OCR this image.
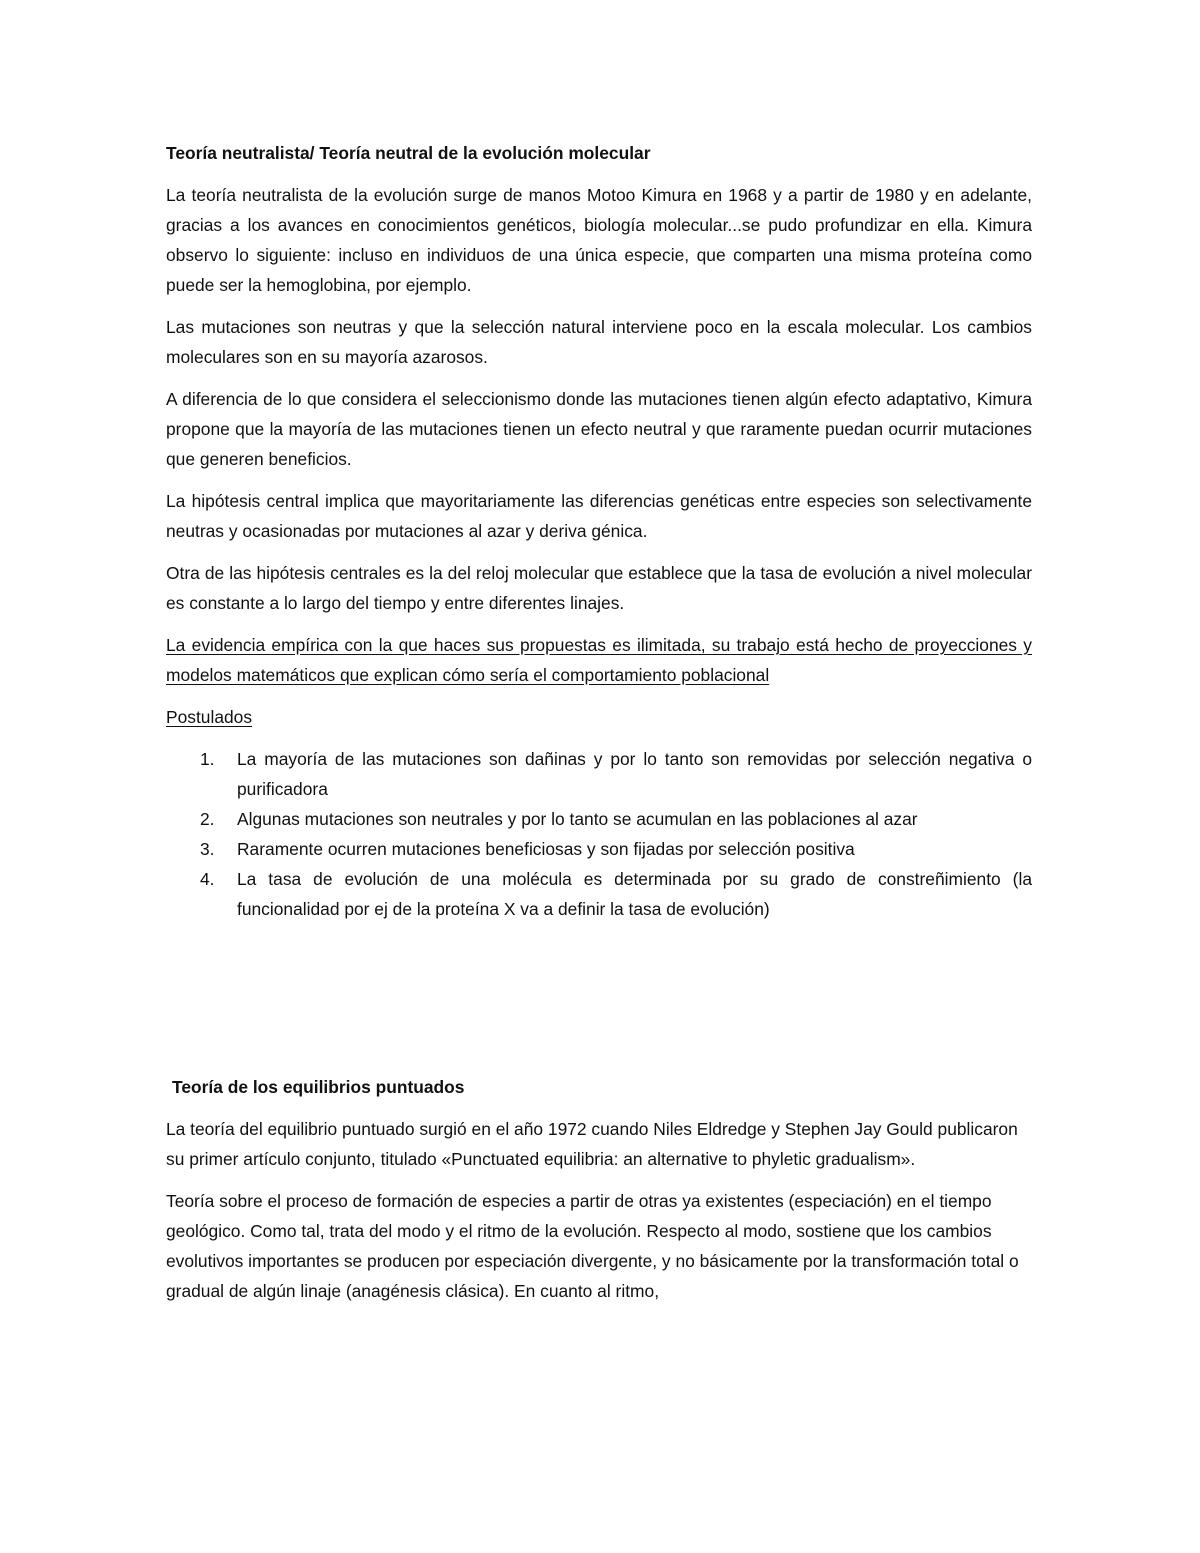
Teoría neutralista/ Teoría neutral de la evolución molecular
La teoría neutralista de la evolución surge de manos Motoo Kimura en 1968 y a partir de 1980 y en adelante, gracias a los avances en conocimientos genéticos, biología molecular...se pudo profundizar en ella. Kimura observo lo siguiente: incluso en individuos de una única especie, que comparten una misma proteína como puede ser la hemoglobina, por ejemplo.
Las mutaciones son neutras y que la selección natural interviene poco en la escala molecular. Los cambios moleculares son en su mayoría azarosos.
A diferencia de lo que considera el seleccionismo donde las mutaciones tienen algún efecto adaptativo, Kimura propone que la mayoría de las mutaciones tienen un efecto neutral y que raramente puedan ocurrir mutaciones que generen beneficios.
La hipótesis central implica que mayoritariamente las diferencias genéticas entre especies son selectivamente neutras y ocasionadas por mutaciones al azar y deriva génica.
Otra de las hipótesis centrales es la del reloj molecular que establece que la tasa de evolución a nivel molecular es constante a lo largo del tiempo y entre diferentes linajes.
La evidencia empírica con la que haces sus propuestas es ilimitada, su trabajo está hecho de proyecciones y modelos matemáticos que explican cómo sería el comportamiento poblacional
Postulados
1. La mayoría de las mutaciones son dañinas y por lo tanto son removidas por selección negativa o purificadora
2. Algunas mutaciones son neutrales y por lo tanto se acumulan en las poblaciones al azar
3. Raramente ocurren mutaciones beneficiosas y son fijadas por selección positiva
4. La tasa de evolución de una molécula es determinada por su grado de constreñimiento (la funcionalidad por ej de la proteína X va a definir la tasa de evolución)
Teoría de los equilibrios puntuados
La teoría del equilibrio puntuado surgió en el año 1972 cuando Niles Eldredge y Stephen Jay Gould publicaron su primer artículo conjunto, titulado «Punctuated equilibria: an alternative to phyletic gradualism».
Teoría sobre el proceso de formación de especies a partir de otras ya existentes (especiación) en el tiempo geológico. Como tal, trata del modo y el ritmo de la evolución. Respecto al modo, sostiene que los cambios evolutivos importantes se producen por especiación divergente, y no básicamente por la transformación total o gradual de algún linaje (anagénesis clásica). En cuanto al ritmo,
